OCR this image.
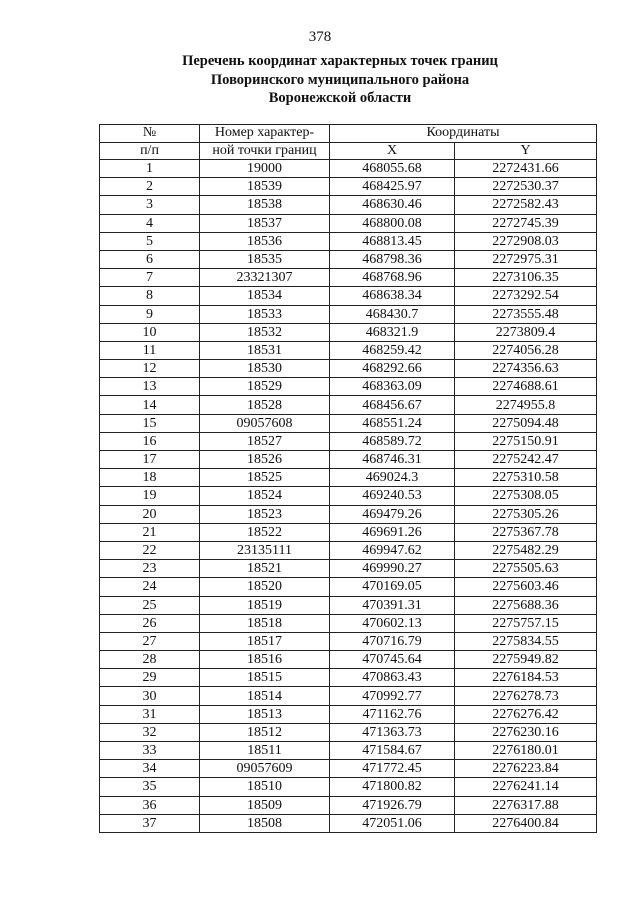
378
Перечень координат характерных точек границ
Поворинского муниципального района
Воронежской области
№	Номер характер-	Координаты	
п/п	ной точки границ	X	Y
1	19000	468055.68	2272431.66
2	18539	468425.97	2272530.37
3	18538	468630.46	2272582.43
4	18537	468800.08	2272745.39
5	18536	468813.45	2272908.03
6	18535	468798.36	2272975.31
7	23321307	468768.96	2273106.35
8	18534	468638.34	2273292.54
9	18533	468430.7	2273555.48
10	18532	468321.9	2273809.4
11	18531	468259.42	2274056.28
12	18530	468292.66	2274356.63
13	18529	468363.09	2274688.61
14	18528	468456.67	2274955.8
15	09057608	468551.24	2275094.48
16	18527	468589.72	2275150.91
17	18526	468746.31	2275242.47
18	18525	469024.3	2275310.58
19	18524	469240.53	2275308.05
20	18523	469479.26	2275305.26
21	18522	469691.26	2275367.78
22	23135111	469947.62	2275482.29
23	18521	469990.27	2275505.63
24	18520	470169.05	2275603.46
25	18519	470391.31	2275688.36
26	18518	470602.13	2275757.15
27	18517	470716.79	2275834.55
28	18516	470745.64	2275949.82
29	18515	470863.43	2276184.53
30	18514	470992.77	2276278.73
31	18513	471162.76	2276276.42
32	18512	471363.73	2276230.16
33	18511	471584.67	2276180.01
34	09057609	471772.45	2276223.84
35	18510	471800.82	2276241.14
36	18509	471926.79	2276317.88
37	18508	472051.06	2276400.84
